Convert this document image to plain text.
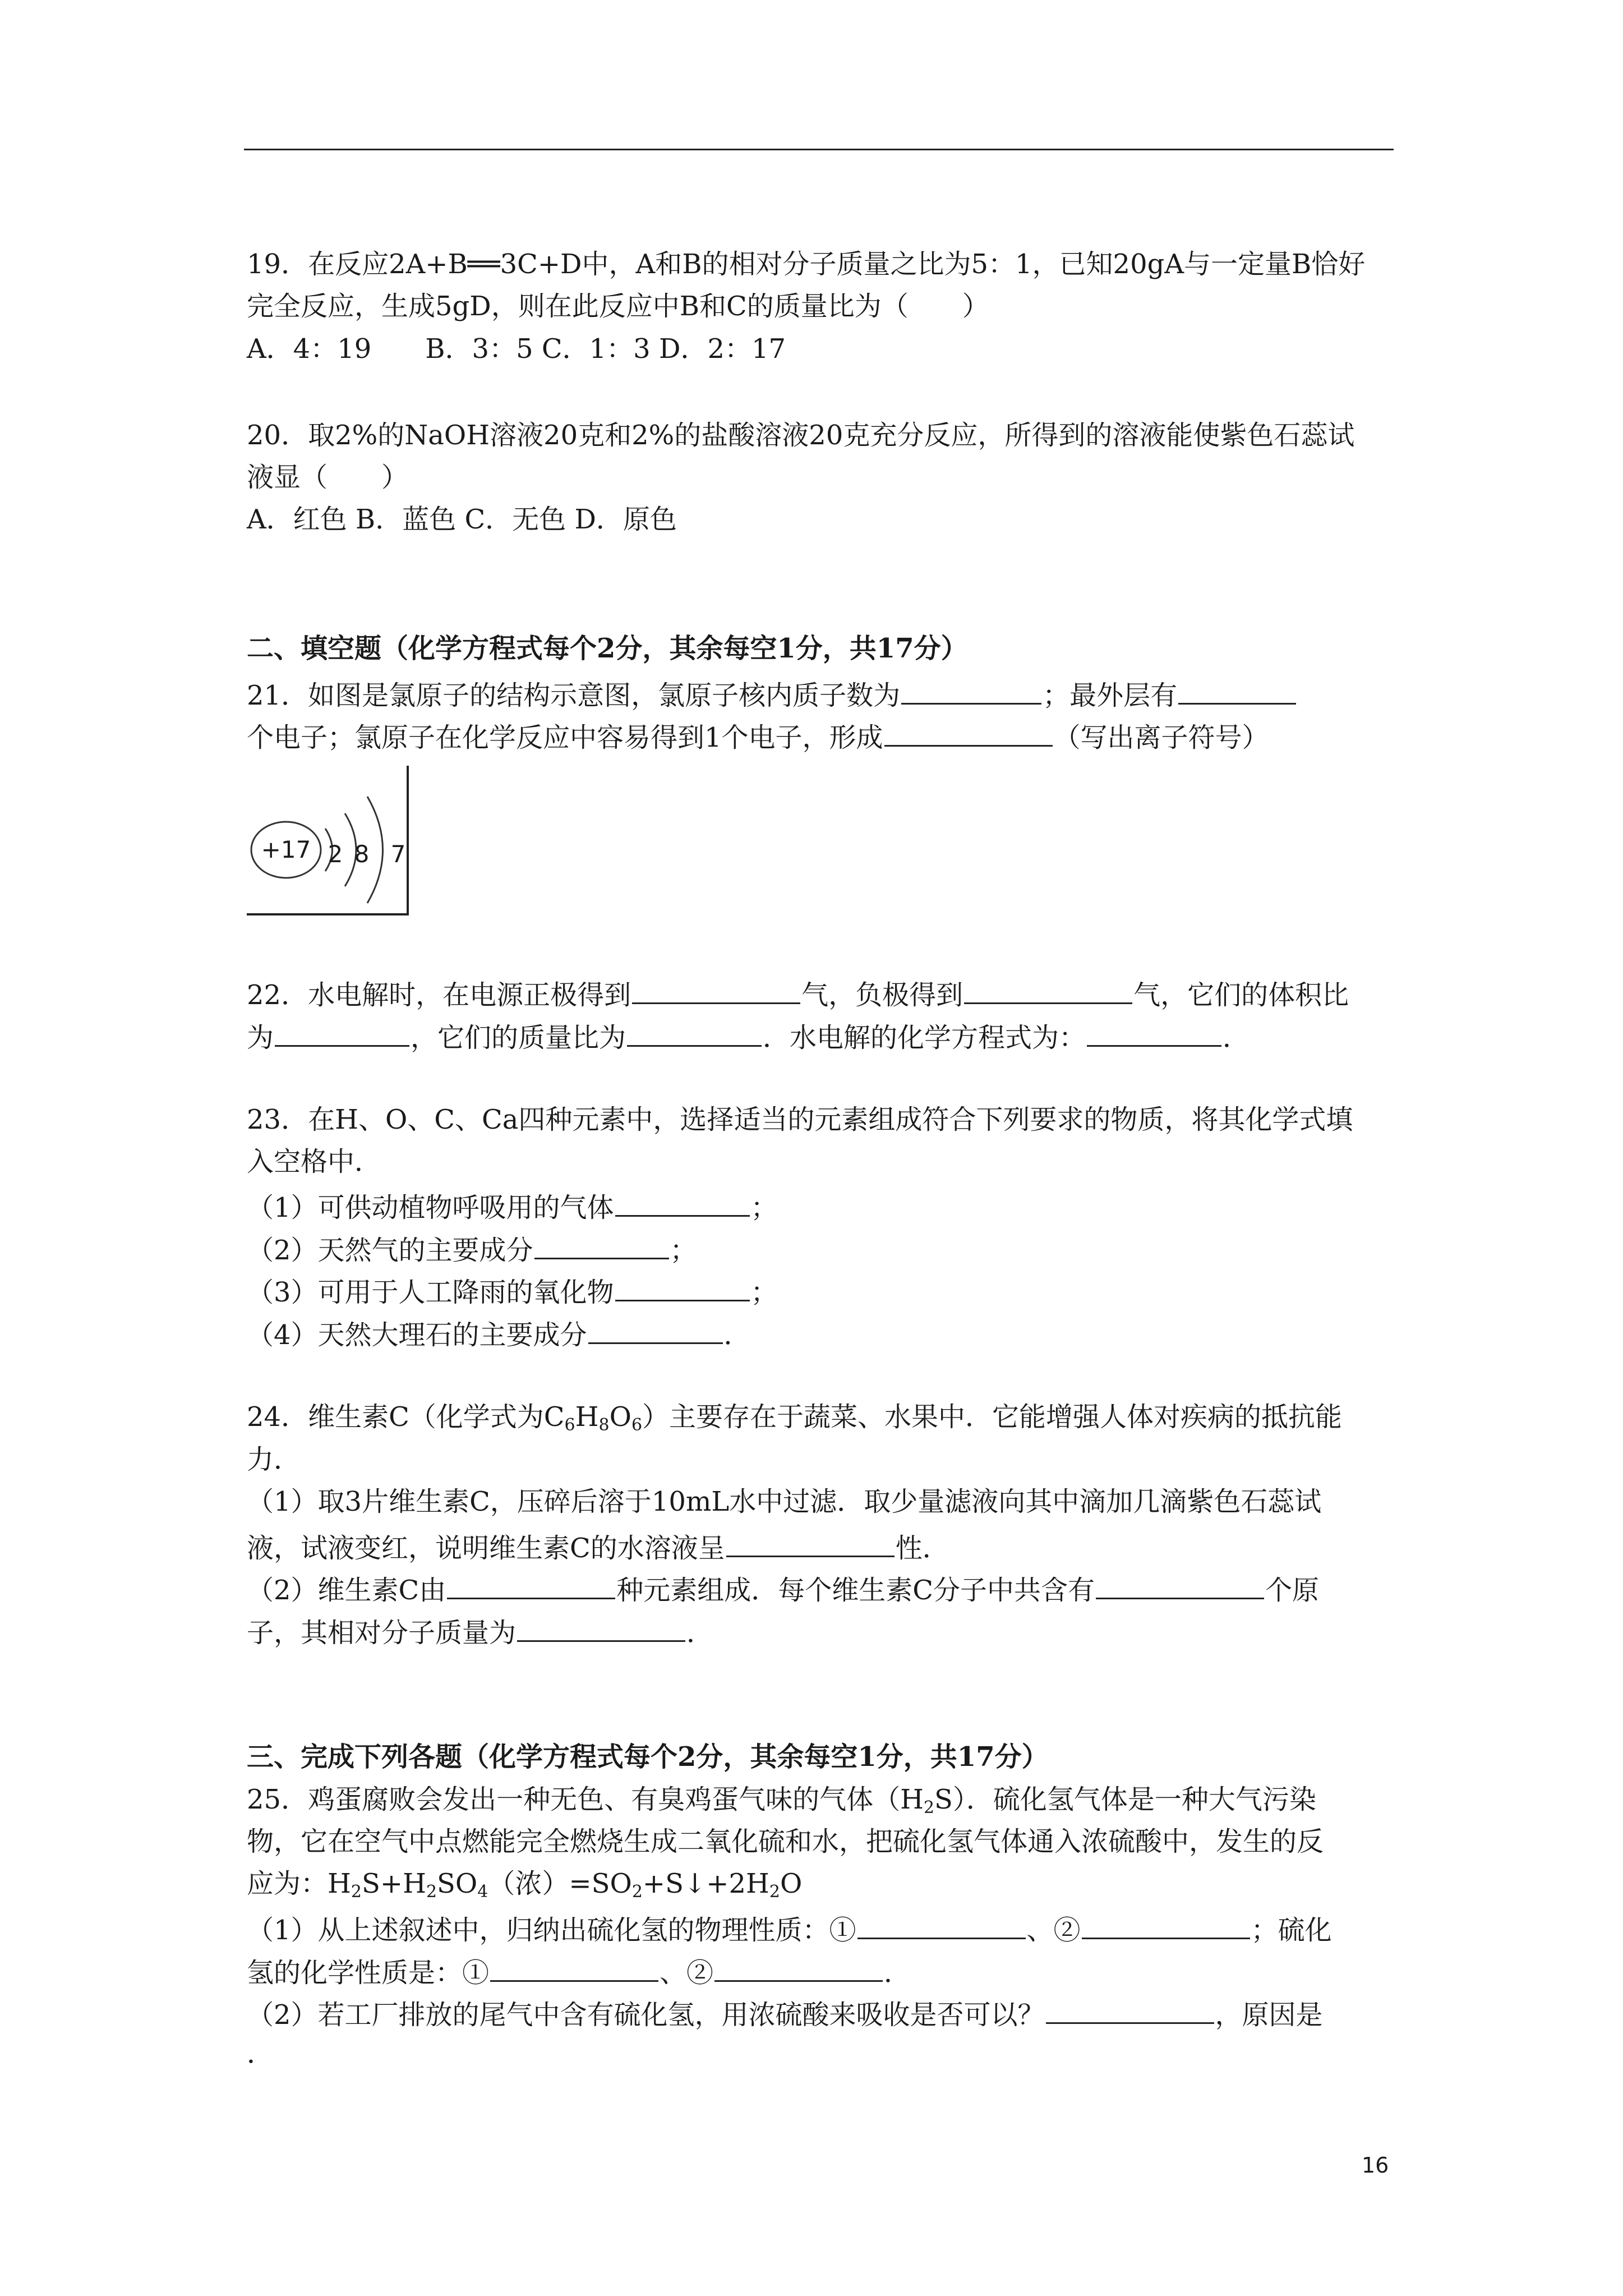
19．在反应2A+B══3C+D中，A和B的相对分子质量之比为5：1，已知20gA与一定量B恰好
完全反应，生成5gD，则在此反应中B和C的质量比为（　　）
A．4：19　　B．3：5 C．1：3 D．2：17
20．取2%的NaOH溶液20克和2%的盐酸溶液20克充分反应，所得到的溶液能使紫色石蕊试
液显（　　）
A．红色 B．蓝色 C．无色 D．原色
二、填空题（化学方程式每个2分，其余每空1分，共17分）
21．如图是氯原子的结构示意图，氯原子核内质子数为	；最外层有
个电子；氯原子在化学反应中容易得到1个电子，形成	（写出离子符号）
+17 2 8 7
22．水电解时，在电源正极得到	气，负极得到	气，它们的体积比
为	，它们的质量比为	．水电解的化学方程式为：	．
23．在H、O、C、Ca四种元素中，选择适当的元素组成符合下列要求的物质，将其化学式填
入空格中．
（1）可供动植物呼吸用的气体	；
（2）天然气的主要成分	；
（3）可用于人工降雨的氧化物	；
（4）天然大理石的主要成分	．
24．维生素C（化学式为$C_6H_8O_6$）主要存在于蔬菜、水果中．它能增强人体对疾病的抵抗能
力．
（1）取3片维生素C，压碎后溶于10mL水中过滤．取少量滤液向其中滴加几滴紫色石蕊试
液，试液变红，说明维生素C的水溶液呈	性．
（2）维生素C由	种元素组成．每个维生素C分子中共含有	个原
子，其相对分子质量为	．
三、完成下列各题（化学方程式每个2分，其余每空1分，共17分）
25．鸡蛋腐败会发出一种无色、有臭鸡蛋气味的气体$(H_2S)$．硫化氢气体是一种大气污染
物，它在空气中点燃能完全燃烧生成二氧化硫和水，把硫化氢气体通入浓硫酸中，发生的反
应为：$H_2S+H_2SO_4$（浓）$=SO_2+S↓+2H_2O$
（1）从上述叙述中，归纳出硫化氢的物理性质：①	、②	；硫化
氢的化学性质是：①	、②	．
（2）若工厂排放的尾气中含有硫化氢，用浓硫酸来吸收是否可以？	，原因是
．
16
